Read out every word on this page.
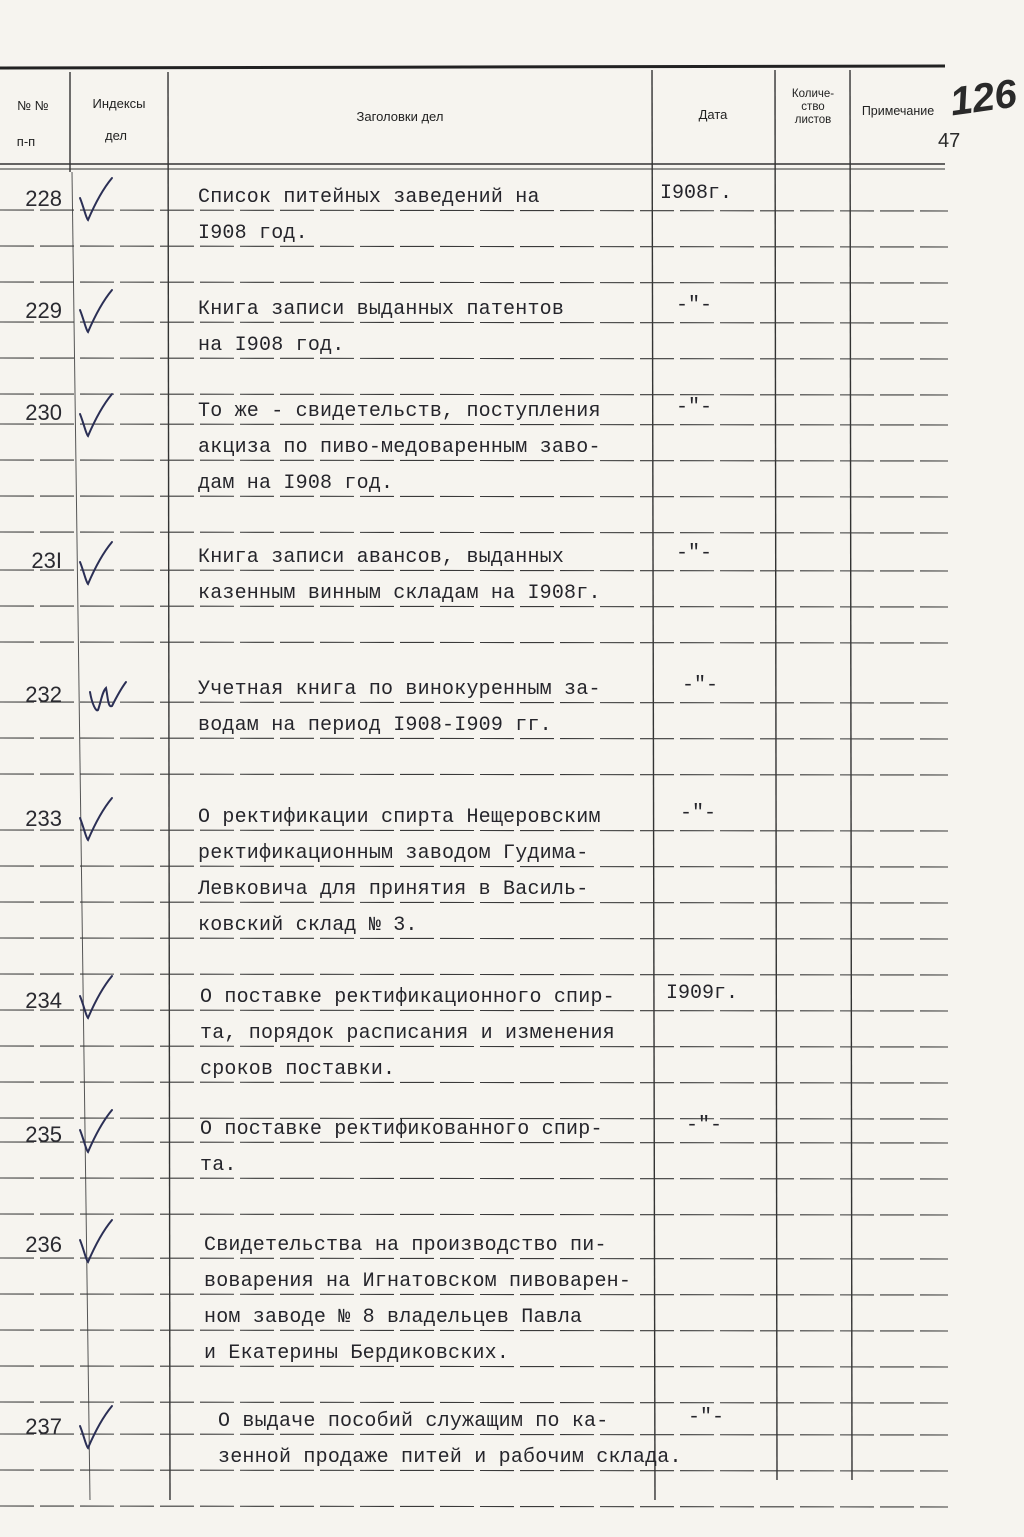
№ №
п-п
Индексы
дел
Заголовки дел	Дата
Количе-
ство
листов
Примечание 126
47
228	Список питейных заведений на
I908 год.
I908г.
229	Книга записи выданных патентов
на I908 год.
-"-
230	То же - свидетельств, поступления
акциза по пиво-медоваренным заво-
дам на I908 год.
-"-
23I	Книга записи авансов, выданных
казенным винным складам на I908г.
-"-
232	Учетная книга по винокуренным за-
водам на период I908-I909 гг.
-"-
233	О ректификации спирта Нещеровским
ректификационным заводом Гудима-
Левковича для принятия в Василь-
ковский склад № 3.
-"-
234	О поставке ректификационного спир-
та, порядок расписания и изменения
сроков поставки.
I909г.
235	О поставке ректификованного спир-
та.
-"-
236	Свидетельства на производство пи-
воварения на Игнатовском пивоварен-
ном заводе № 8 владельцев Павла
и Екатерины Бердиковских.
237	О выдаче пособий служащим по ка-
зенной продаже питей и рабочим склада.
-"-
